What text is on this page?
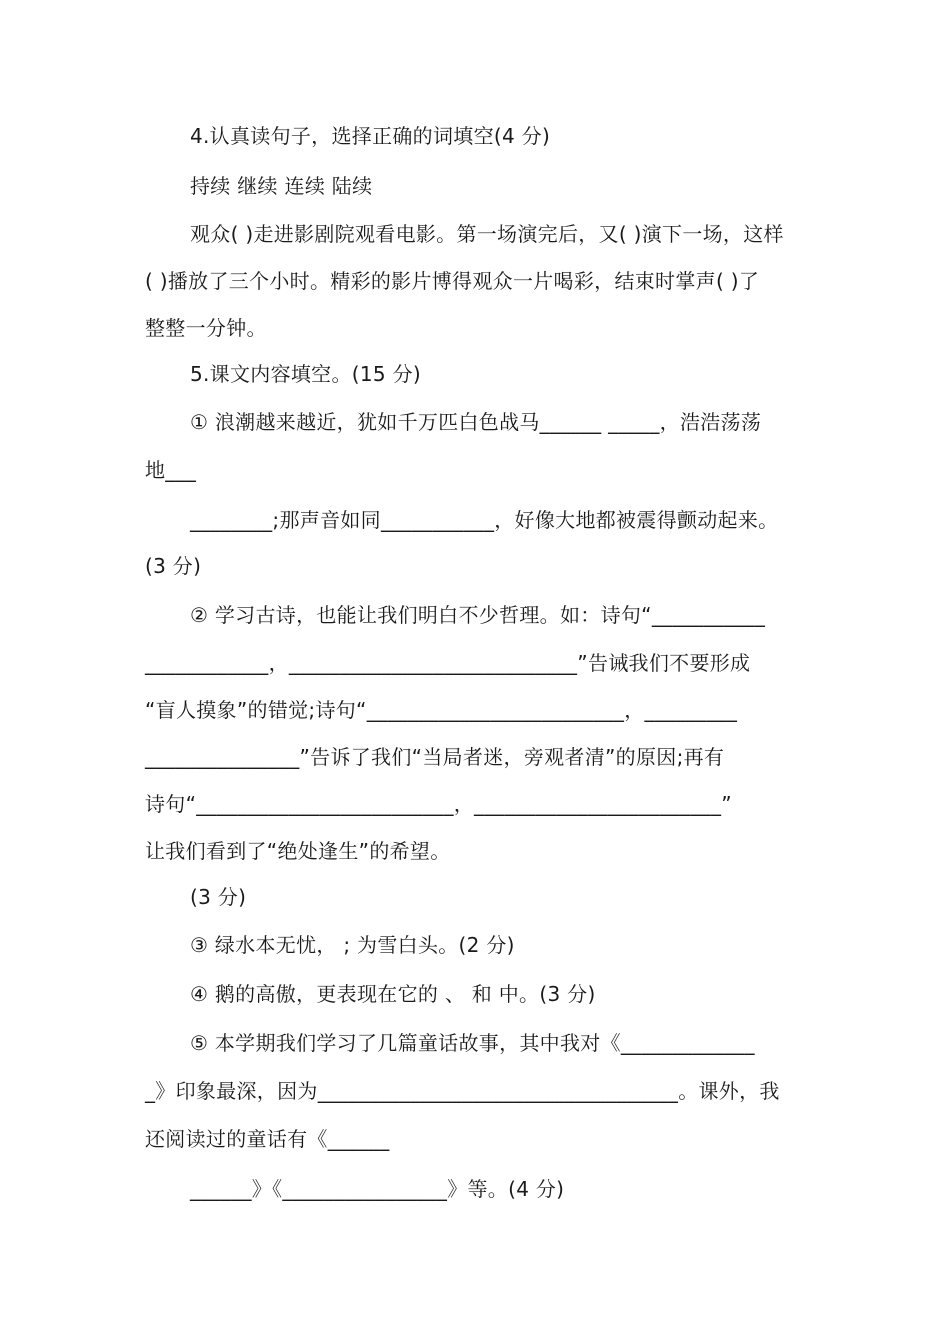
4.认真读句子，选择正确的词填空(4 分)
持续 继续 连续 陆续
观众( )走进影剧院观看电影。第一场演完后，又( )演下一场，这样
( )播放了三个小时。精彩的影片博得观众一片喝彩，结束时掌声( )了
整整一分钟。
5.课文内容填空。(15 分)
① 浪潮越来越近，犹如千万匹白色战马______ _____，浩浩荡荡
地___
________;那声音如同___________，好像大地都被震得颤动起来。
(3 分)
② 学习古诗，也能让我们明白不少哲理。如：诗句“___________
____________，____________________________”告诫我们不要形成
“盲人摸象”的错觉;诗句“_________________________，_________
_______________”告诉了我们“当局者迷，旁观者清”的原因;再有
诗句“_________________________，________________________”
让我们看到了“绝处逢生”的希望。
(3 分)
③ 绿水本无忧， ; 为雪白头。(2 分)
④ 鹅的高傲，更表现在它的 、 和 中。(3 分)
⑤ 本学期我们学习了几篇童话故事，其中我对《_____________
_》印象最深，因为___________________________________。课外，我
还阅读过的童话有《______
______》《________________》等。(4 分)
